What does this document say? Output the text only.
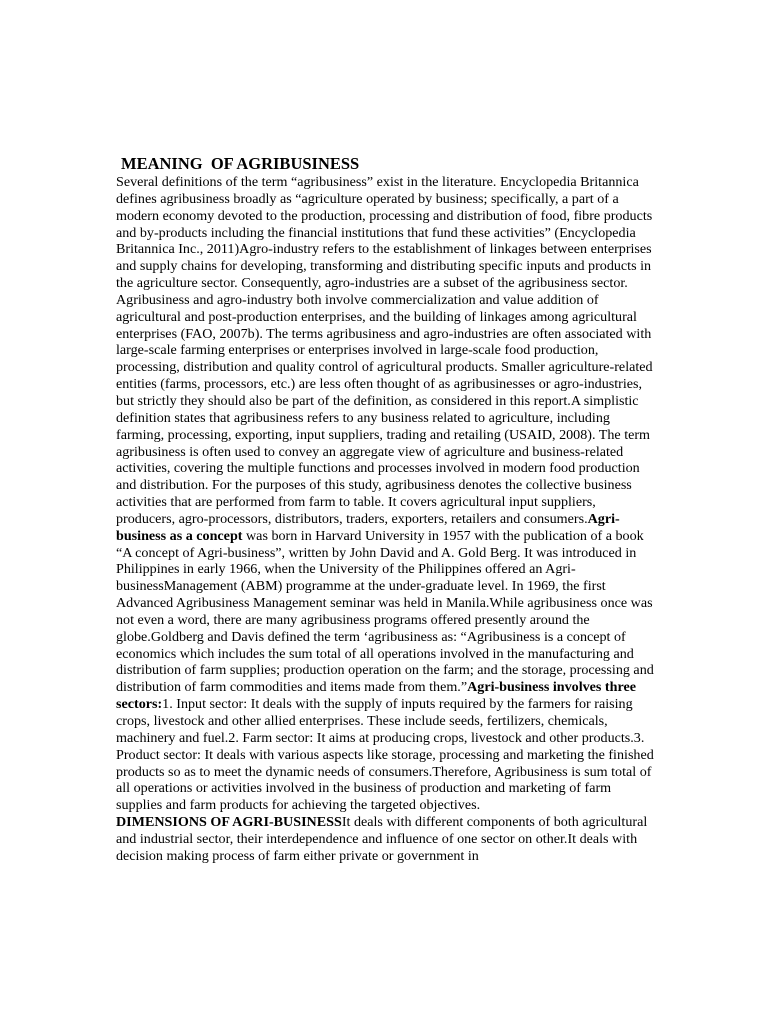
MEANING  OF AGRIBUSINESS

Several definitions of the term “agribusiness” exist in the literature. Encyclopedia Britannica defines agribusiness broadly as “agriculture operated by business; specifically, a part of a modern economy devoted to the production, processing and distribution of food, fibre products and by-products including the financial institutions that fund these activities” (Encyclopedia Britannica Inc., 2011)Agro-industry refers to the establishment of linkages between enterprises and supply chains for developing, transforming and distributing specific inputs and products in the agriculture sector. Consequently, agro-industries are a subset of the agribusiness sector. Agribusiness and agro-industry both involve commercialization and value addition of agricultural and post-production enterprises, and the building of linkages among agricultural enterprises (FAO, 2007b). The terms agribusiness and agro-industries are often associated with large-scale farming enterprises or enterprises involved in large-scale food production, processing, distribution and quality control of agricultural products. Smaller agriculture-related entities (farms, processors, etc.) are less often thought of as agribusinesses or agro-industries, but strictly they should also be part of the definition, as considered in this report.A simplistic definition states that agribusiness refers to any business related to agriculture, including farming, processing, exporting, input suppliers, trading and retailing (USAID, 2008). The term agribusiness is often used to convey an aggregate view of agriculture and business-related activities, covering the multiple functions and processes involved in modern food production and distribution. For the purposes of this study, agribusiness denotes the collective business activities that are performed from farm to table. It covers agricultural input suppliers, producers, agro-processors, distributors, traders, exporters, retailers and consumers.Agri-business as a concept was born in Harvard University in 1957 with the publication of a book “A concept of Agri-business”, written by John David and A. Gold Berg. It was introduced in Philippines in early 1966, when the University of the Philippines offered an Agri-businessManagement (ABM) programme at the under-graduate level. In 1969, the first Advanced Agribusiness Management seminar was held in Manila.While agribusiness once was not even a word, there are many agribusiness programs offered presently around the globe.Goldberg and Davis defined the term ‘agribusiness as: “Agribusiness is a concept of economics which includes the sum total of all operations involved in the manufacturing and distribution of farm supplies; production operation on the farm; and the storage, processing and distribution of farm commodities and items made from them.”Agri-business involves three sectors:1. Input sector: It deals with the supply of inputs required by the farmers for raising crops, livestock and other allied enterprises. These include seeds, fertilizers, chemicals, machinery and fuel.2. Farm sector: It aims at producing crops, livestock and other products.3. Product sector: It deals with various aspects like storage, processing and marketing the finished products so as to meet the dynamic needs of consumers.Therefore, Agribusiness is sum total of all operations or activities involved in the business of production and marketing of farm supplies and farm products for achieving the targeted objectives.

DIMENSIONS OF AGRI-BUSINESSIt deals with different components of both agricultural and industrial sector, their interdependence and influence of one sector on other.It deals with decision making process of farm either private or government in
